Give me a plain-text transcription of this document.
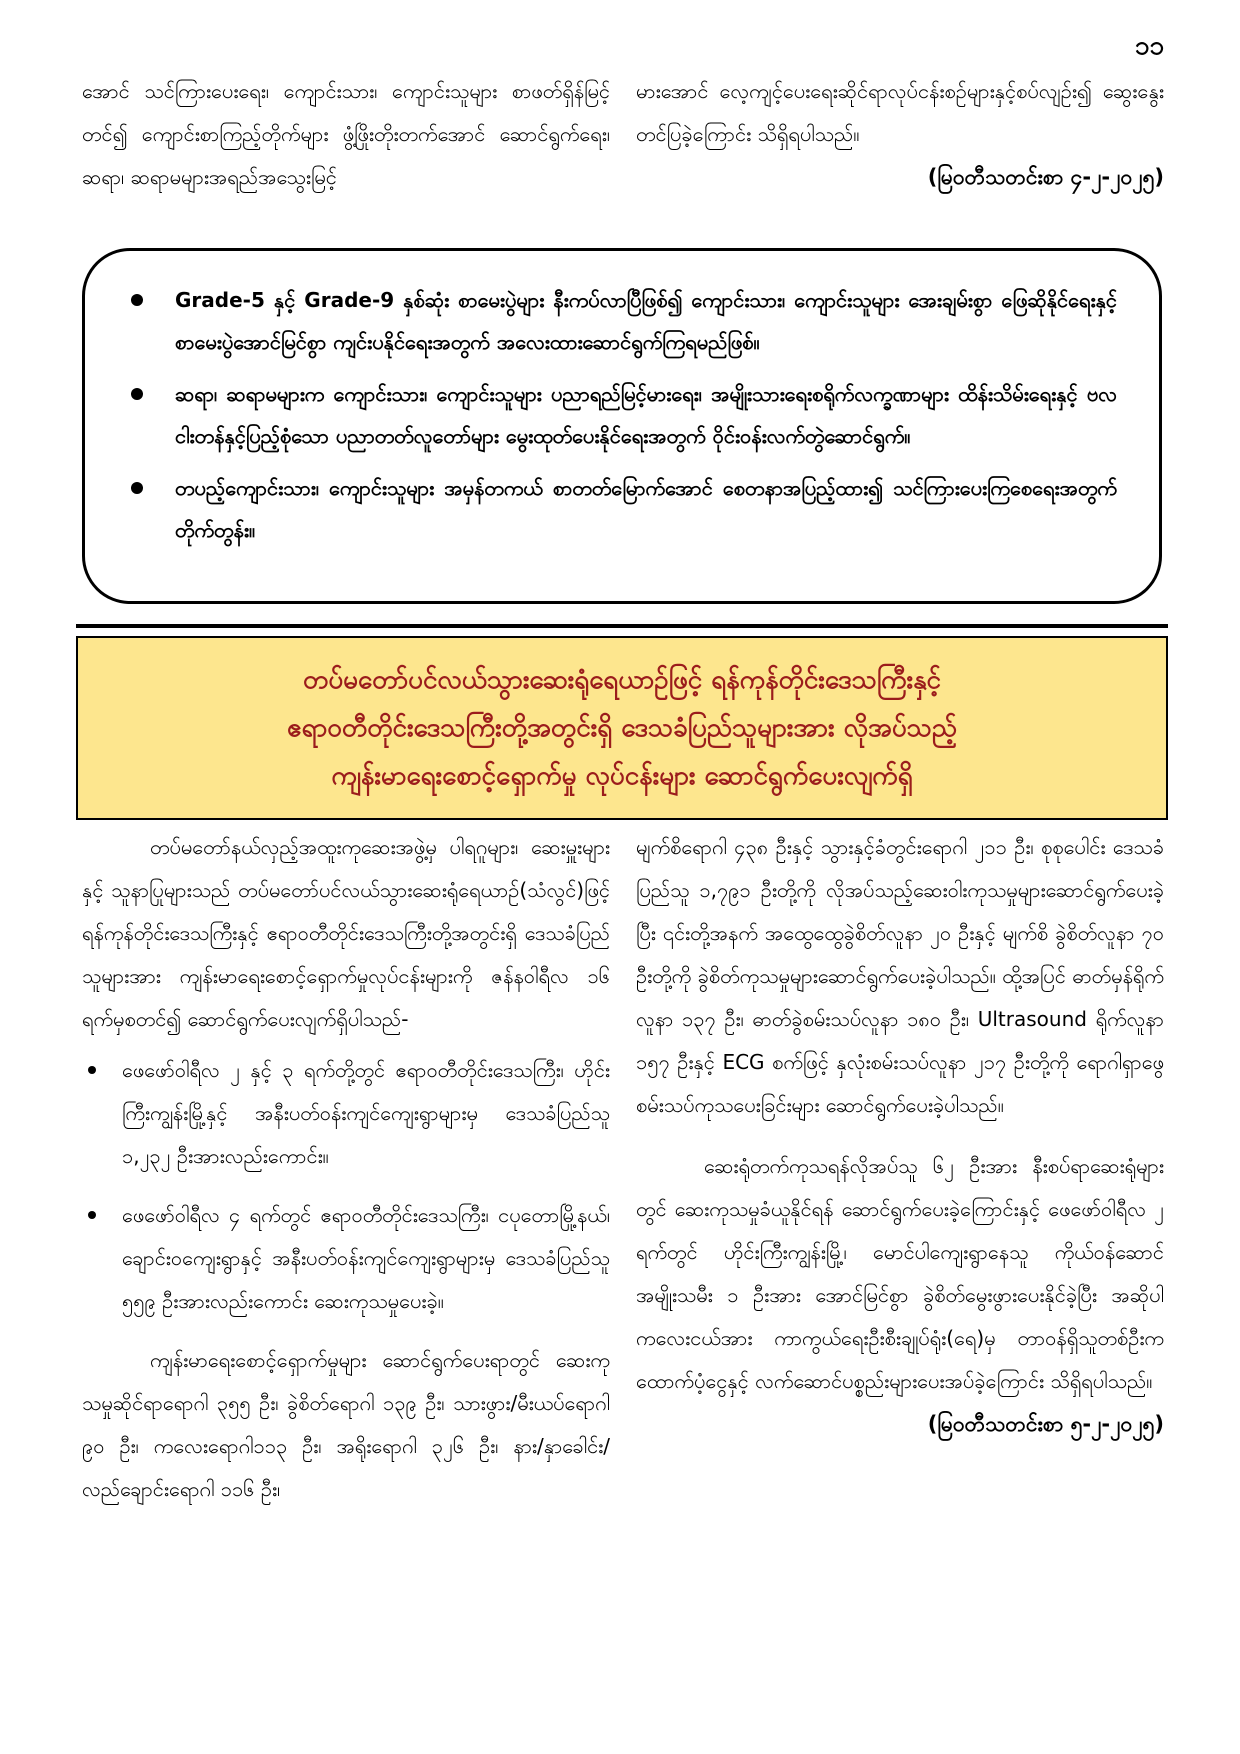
၁၁

အောင် သင်ကြားပေးရေး၊ ကျောင်းသား၊ ကျောင်းသူများ စာဖတ်ရှိန်မြင့်တင်၍ ကျောင်းစာကြည့်တိုက်များ ဖွံ့ဖြိုးတိုးတက်အောင် ဆောင်ရွက်ရေး၊ ဆရာ၊ ဆရာမများအရည်အသွေးမြင့်

မားအောင် လေ့ကျင့်ပေးရေးဆိုင်ရာလုပ်ငန်းစဉ်များနှင့်စပ်လျဉ်း၍ ဆွေးနွေးတင်ပြခဲ့ကြောင်း သိရှိရပါသည်။

(မြဝတီသတင်းစာ ၄-၂-၂၀၂၅)
Grade-5 နှင့် Grade-9 နှစ်ဆုံး စာမေးပွဲများ နီးကပ်လာပြီဖြစ်၍ ကျောင်းသား၊ ကျောင်းသူများ အေးချမ်းစွာ ဖြေဆိုနိုင်ရေးနှင့် စာမေးပွဲအောင်မြင်စွာ ကျင်းပနိုင်ရေးအတွက် အလေးထားဆောင်ရွက်ကြရမည်ဖြစ်။
ဆရာ၊ ဆရာမများက ကျောင်းသား၊ ကျောင်းသူများ ပညာရည်မြင့်မားရေး၊ အမျိုးသားရေးစရိုက်လက္ခဏာများ ထိန်းသိမ်းရေးနှင့် ဗလငါးတန်နှင့်ပြည့်စုံသော ပညာတတ်လူတော်များ မွေးထုတ်ပေးနိုင်ရေးအတွက် ဝိုင်းဝန်းလက်တွဲဆောင်ရွက်။
တပည့်ကျောင်းသား၊ ကျောင်းသူများ အမှန်တကယ် စာတတ်မြောက်အောင် စေတနာအပြည့်ထား၍ သင်ကြားပေးကြစေရေးအတွက် တိုက်တွန်း။
တပ်မတော်ပင်လယ်သွားဆေးရုံရေယာဉ်ဖြင့် ရန်ကုန်တိုင်းဒေသကြီးနှင့်
ဧရာဝတီတိုင်းဒေသကြီးတို့အတွင်းရှိ ဒေသခံပြည်သူများအား လိုအပ်သည့်
ကျန်းမာရေးစောင့်ရှောက်မှု လုပ်ငန်းများ ဆောင်ရွက်ပေးလျက်ရှိ

တပ်မတော်နယ်လှည့်အထူးကုဆေးအဖွဲ့မှ ပါရဂူများ၊ ဆေးမှူးများနှင့် သူနာပြုများသည် တပ်မတော်ပင်လယ်သွားဆေးရုံရေယာဉ်(သံလွင်)ဖြင့် ရန်ကုန်တိုင်းဒေသကြီးနှင့် ဧရာဝတီတိုင်းဒေသကြီးတို့အတွင်းရှိ ဒေသခံပြည်သူများအား ကျန်းမာရေးစောင့်ရှောက်မှုလုပ်ငန်းများကို ဇန်နဝါရီလ ၁၆ ရက်မှစတင်၍ ဆောင်ရွက်ပေးလျက်ရှိပါသည်-

ဖေဖော်ဝါရီလ ၂ နှင့် ၃ ရက်တို့တွင် ဧရာဝတီတိုင်းဒေသကြီး၊ ဟိုင်းကြီးကျွန်းမြို့နှင့် အနီးပတ်ဝန်းကျင်ကျေးရွာများမှ ဒေသခံပြည်သူ ၁,၂၃၂ ဦးအားလည်းကောင်း။
ဖေဖော်ဝါရီလ ၄ ရက်တွင် ဧရာဝတီတိုင်းဒေသကြီး၊ ငပုတောမြို့နယ်၊ ချောင်းဝကျေးရွာနှင့် အနီးပတ်ဝန်းကျင်ကျေးရွာများမှ ဒေသခံပြည်သူ ၅၅၉ ဦးအားလည်းကောင်း ဆေးကုသမှုပေးခဲ့။

ကျန်းမာရေးစောင့်ရှောက်မှုများ ဆောင်ရွက်ပေးရာတွင် ဆေးကုသမှုဆိုင်ရာရောဂါ ၃၅၅ ဦး၊ ခွဲစိတ်ရောဂါ ၁၃၉ ဦး၊ သားဖွား/မီးယပ်ရောဂါ ၉၀ ဦး၊ ကလေးရောဂါ၁၁၃ ဦး၊ အရိုးရောဂါ ၃၂၆ ဦး၊ နား/နှာခေါင်း/လည်ချောင်းရောဂါ ၁၁၆ ဦး၊

မျက်စိရောဂါ ၄၃၈ ဦးနှင့် သွားနှင့်ခံတွင်းရောဂါ ၂၁၁ ဦး၊ စုစုပေါင်း ဒေသခံပြည်သူ ၁,၇၉၁ ဦးတို့ကို လိုအပ်သည့်ဆေးဝါးကုသမှုများဆောင်ရွက်ပေးခဲ့ပြီး ၎င်းတို့အနက် အထွေထွေခွဲစိတ်လူနာ ၂၀ ဦးနှင့် မျက်စိ ခွဲစိတ်လူနာ ၇၀ ဦးတို့ကို ခွဲစိတ်ကုသမှုများဆောင်ရွက်ပေးခဲ့ပါသည်။ ထို့အပြင် ဓာတ်မှန်ရိုက်လူနာ ၁၃၇ ဦး၊ ဓာတ်ခွဲစမ်းသပ်လူနာ ၁၈၀ ဦး၊ Ultrasound ရိုက်လူနာ ၁၅၇ ဦးနှင့် ECG စက်ဖြင့် နှလုံးစမ်းသပ်လူနာ ၂၁၇ ဦးတို့ကို ရောဂါရှာဖွေစမ်းသပ်ကုသပေးခြင်းများ ဆောင်ရွက်ပေးခဲ့ပါသည်။

ဆေးရုံတက်ကုသရန်လိုအပ်သူ ၆၂ ဦးအား နီးစပ်ရာဆေးရုံများတွင် ဆေးကုသမှုခံယူနိုင်ရန် ဆောင်ရွက်ပေးခဲ့ကြောင်းနှင့် ဖေဖော်ဝါရီလ ၂ ရက်တွင် ဟိုင်းကြီးကျွန်းမြို့၊ မောင်ပါကျေးရွာနေသူ ကိုယ်ဝန်ဆောင်အမျိုးသမီး ၁ ဦးအား အောင်မြင်စွာ ခွဲစိတ်မွေးဖွားပေးနိုင်ခဲ့ပြီး အဆိုပါကလေးငယ်အား ကာကွယ်ရေးဦးစီးချုပ်ရုံး(ရေ)မှ တာဝန်ရှိသူတစ်ဦးက ထောက်ပံ့ငွေနှင့် လက်ဆောင်ပစ္စည်းများပေးအပ်ခဲ့ကြောင်း သိရှိရပါသည်။

(မြဝတီသတင်းစာ ၅-၂-၂၀၂၅)
